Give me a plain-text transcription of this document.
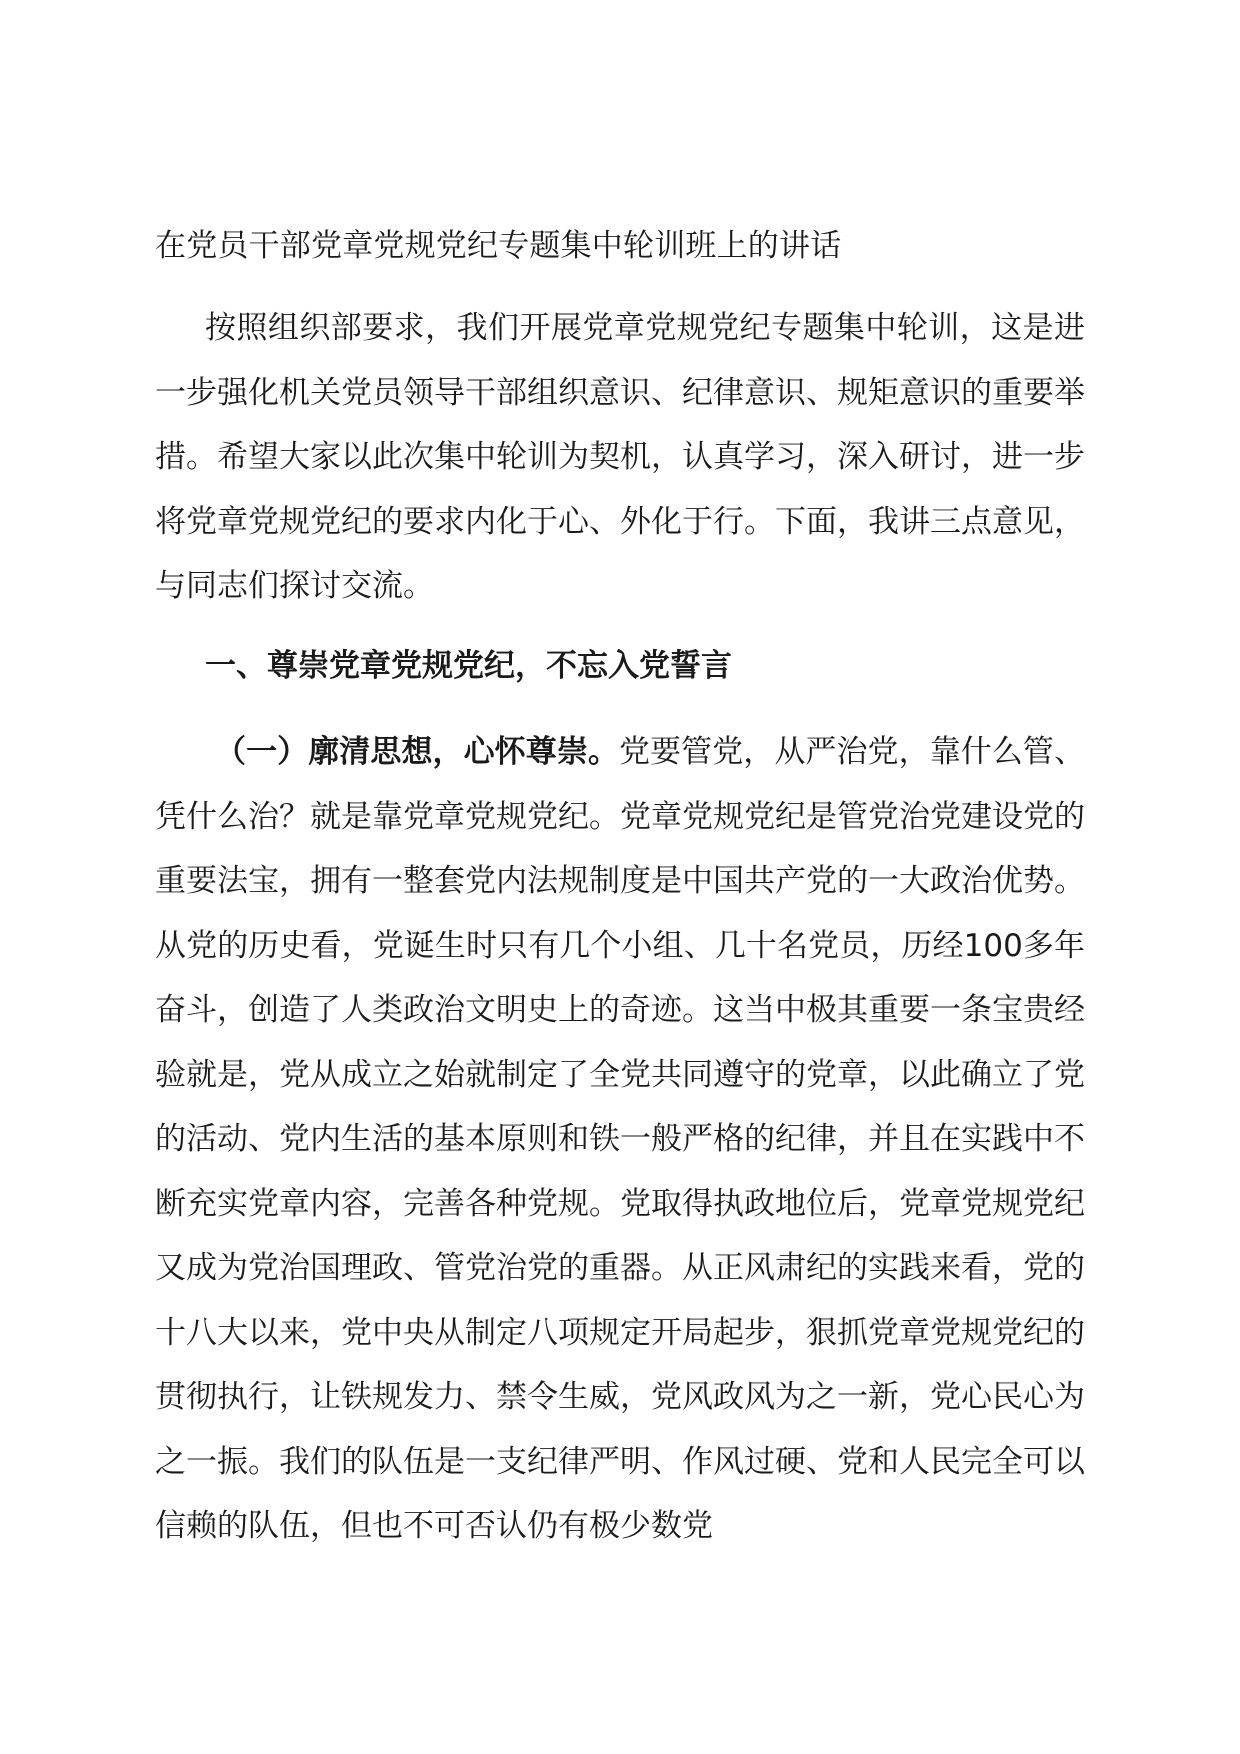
在党员干部党章党规党纪专题集中轮训班上的讲话

按照组织部要求，我们开展党章党规党纪专题集中轮训，这是进一步强化机关党员领导干部组织意识、纪律意识、规矩意识的重要举措。希望大家以此次集中轮训为契机，认真学习，深入研讨，进一步将党章党规党纪的要求内化于心、外化于行。下面，我讲三点意见，与同志们探讨交流。

一、尊崇党章党规党纪，不忘入党誓言

（一）廓清思想，心怀尊崇。党要管党，从严治党，靠什么管、凭什么治？就是靠党章党规党纪。党章党规党纪是管党治党建设党的重要法宝，拥有一整套党内法规制度是中国共产党的一大政治优势。从党的历史看，党诞生时只有几个小组、几十名党员，历经100多年奋斗，创造了人类政治文明史上的奇迹。这当中极其重要一条宝贵经验就是，党从成立之始就制定了全党共同遵守的党章，以此确立了党的活动、党内生活的基本原则和铁一般严格的纪律，并且在实践中不断充实党章内容，完善各种党规。党取得执政地位后，党章党规党纪又成为党治国理政、管党治党的重器。从正风肃纪的实践来看，党的十八大以来，党中央从制定八项规定开局起步，狠抓党章党规党纪的贯彻执行，让铁规发力、禁令生威，党风政风为之一新，党心民心为之一振。我们的队伍是一支纪律严明、作风过硬、党和人民完全可以信赖的队伍，但也不可否认仍有极少数党
